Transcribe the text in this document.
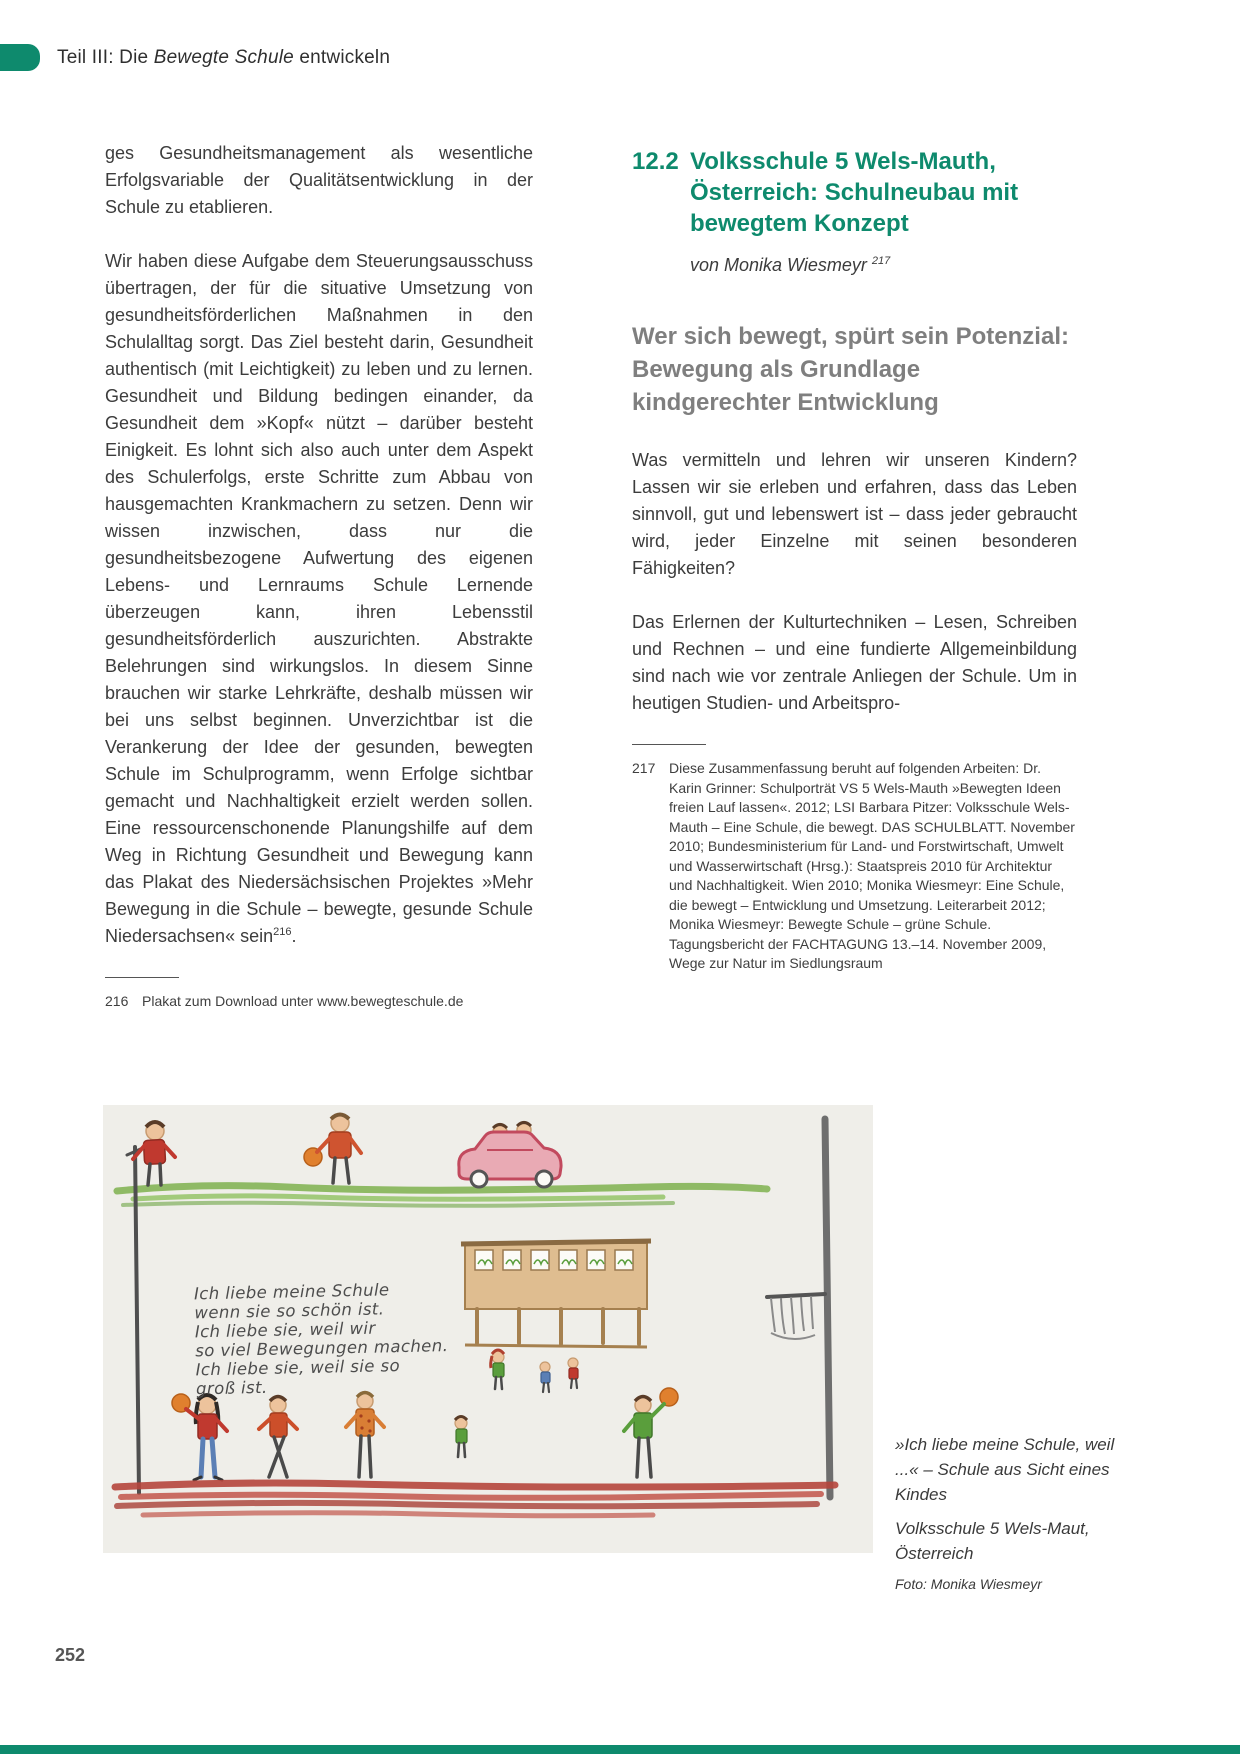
Teil III: Die Bewegte Schule entwickeln

ges Gesundheitsmanagement als wesentliche Erfolgsvariable der Qualitätsentwicklung in der Schule zu etablieren.

Wir haben diese Aufgabe dem Steuerungsausschuss übertragen, der für die situative Umsetzung von gesundheitsförderlichen Maßnahmen in den Schulalltag sorgt. Das Ziel besteht darin, Gesundheit authentisch (mit Leichtigkeit) zu leben und zu lernen. Gesundheit und Bildung bedingen einander, da Gesundheit dem »Kopf« nützt – darüber besteht Einigkeit. Es lohnt sich also auch unter dem Aspekt des Schulerfolgs, erste Schritte zum Abbau von hausgemachten Krankmachern zu setzen. Denn wir wissen inzwischen, dass nur die gesundheitsbezogene Aufwertung des eigenen Lebens- und Lernraums Schule Lernende überzeugen kann, ihren Lebensstil gesundheitsförderlich auszurichten. Abstrakte Belehrungen sind wirkungslos. In diesem Sinne brauchen wir starke Lehrkräfte, deshalb müssen wir bei uns selbst beginnen. Unverzichtbar ist die Verankerung der Idee der gesunden, bewegten Schule im Schulprogramm, wenn Erfolge sichtbar gemacht und Nachhaltigkeit erzielt werden sollen. Eine ressourcenschonende Planungshilfe auf dem Weg in Richtung Gesundheit und Bewegung kann das Plakat des Niedersächsischen Projektes »Mehr Bewegung in die Schule – bewegte, gesunde Schule Niedersachsen« sein$^{216}$.

216 Plakat zum Download unter www.bewegteschule.de
12.2 Volksschule 5 Wels-Mauth, Österreich: Schulneubau mit bewegtem Konzept
von Monika Wiesmeyr $^{217}$
Wer sich bewegt, spürt sein Potenzial: Bewegung als Grundlage kindgerechter Entwicklung

Was vermitteln und lehren wir unseren Kindern? Lassen wir sie erleben und erfahren, dass das Leben sinnvoll, gut und lebenswert ist – dass jeder gebraucht wird, jeder Einzelne mit seinen besonderen Fähigkeiten?

Das Erlernen der Kulturtechniken – Lesen, Schreiben und Rechnen – und eine fundierte Allgemeinbildung sind nach wie vor zentrale Anliegen der Schule. Um in heutigen Studien- und Arbeitspro-

217 Diese Zusammenfassung beruht auf folgenden Arbeiten: Dr. Karin Grinner: Schulporträt VS 5 Wels-Mauth »Bewegten Ideen freien Lauf lassen«. 2012; LSI Barbara Pitzer: Volksschule Wels-Mauth – Eine Schule, die bewegt. DAS SCHULBLATT. November 2010; Bundesministerium für Land- und Forstwirtschaft, Umwelt und Wasserwirtschaft (Hrsg.): Staatspreis 2010 für Architektur und Nachhaltigkeit. Wien 2010; Monika Wiesmeyr: Eine Schule, die bewegt – Entwicklung und Umsetzung. Leiterarbeit 2012; Monika Wiesmeyr: Bewegte Schule – grüne Schule. Tagungsbericht der FACHTAGUNG 13.–14. November 2009, Wege zur Natur im Siedlungsraum
Ich liebe meine Schule
wenn sie so schön ist.
Ich liebe sie, weil wir
so viel Bewegungen machen.
Ich liebe sie, weil sie so
groß ist.

»Ich liebe meine Schule, weil ...« – Schule aus Sicht eines Kindes

Volksschule 5 Wels-Maut, Österreich

Foto: Monika Wiesmeyr

252
